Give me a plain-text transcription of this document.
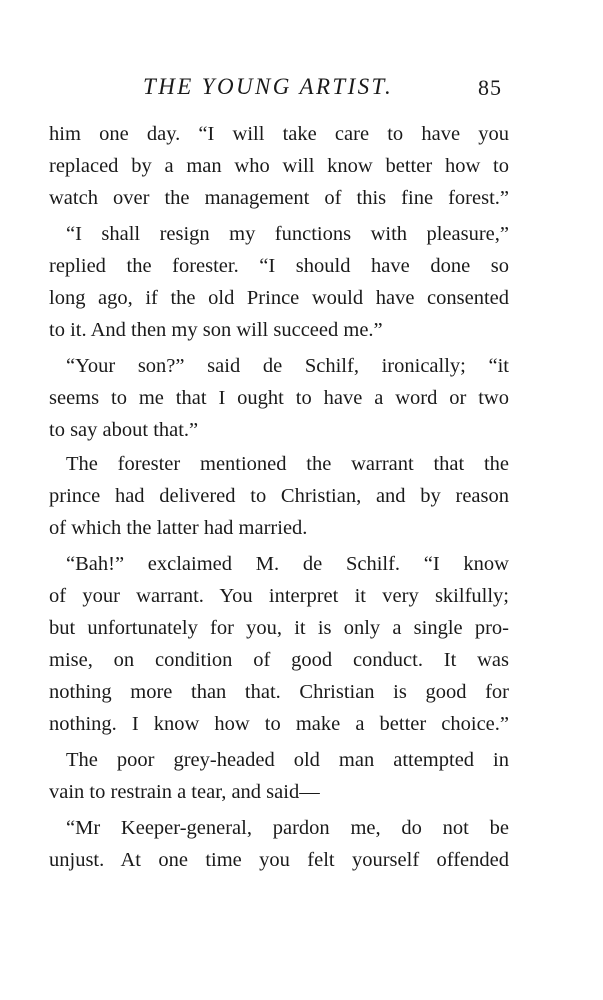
THE YOUNG ARTIST.	85
him one day. “I will take care to have you
replaced by a man who will know better how to
watch over the management of this fine forest.”
“I shall resign my functions with pleasure,”
replied the forester. “I should have done so
long ago, if the old Prince would have consented
to it. And then my son will succeed me.”
“Your son?” said de Schilf, ironically; “it
seems to me that I ought to have a word or two
to say about that.”
The forester mentioned the warrant that the
prince had delivered to Christian, and by reason
of which the latter had married.
“Bah!” exclaimed M. de Schilf. “I know
of your warrant. You interpret it very skilfully;
but unfortunately for you, it is only a single pro-
mise, on condition of good conduct. It was
nothing more than that. Christian is good for
nothing. I know how to make a better choice.”
The poor grey-headed old man attempted in
vain to restrain a tear, and said—
“Mr Keeper-general, pardon me, do not be
unjust. At one time you felt yourself offended
